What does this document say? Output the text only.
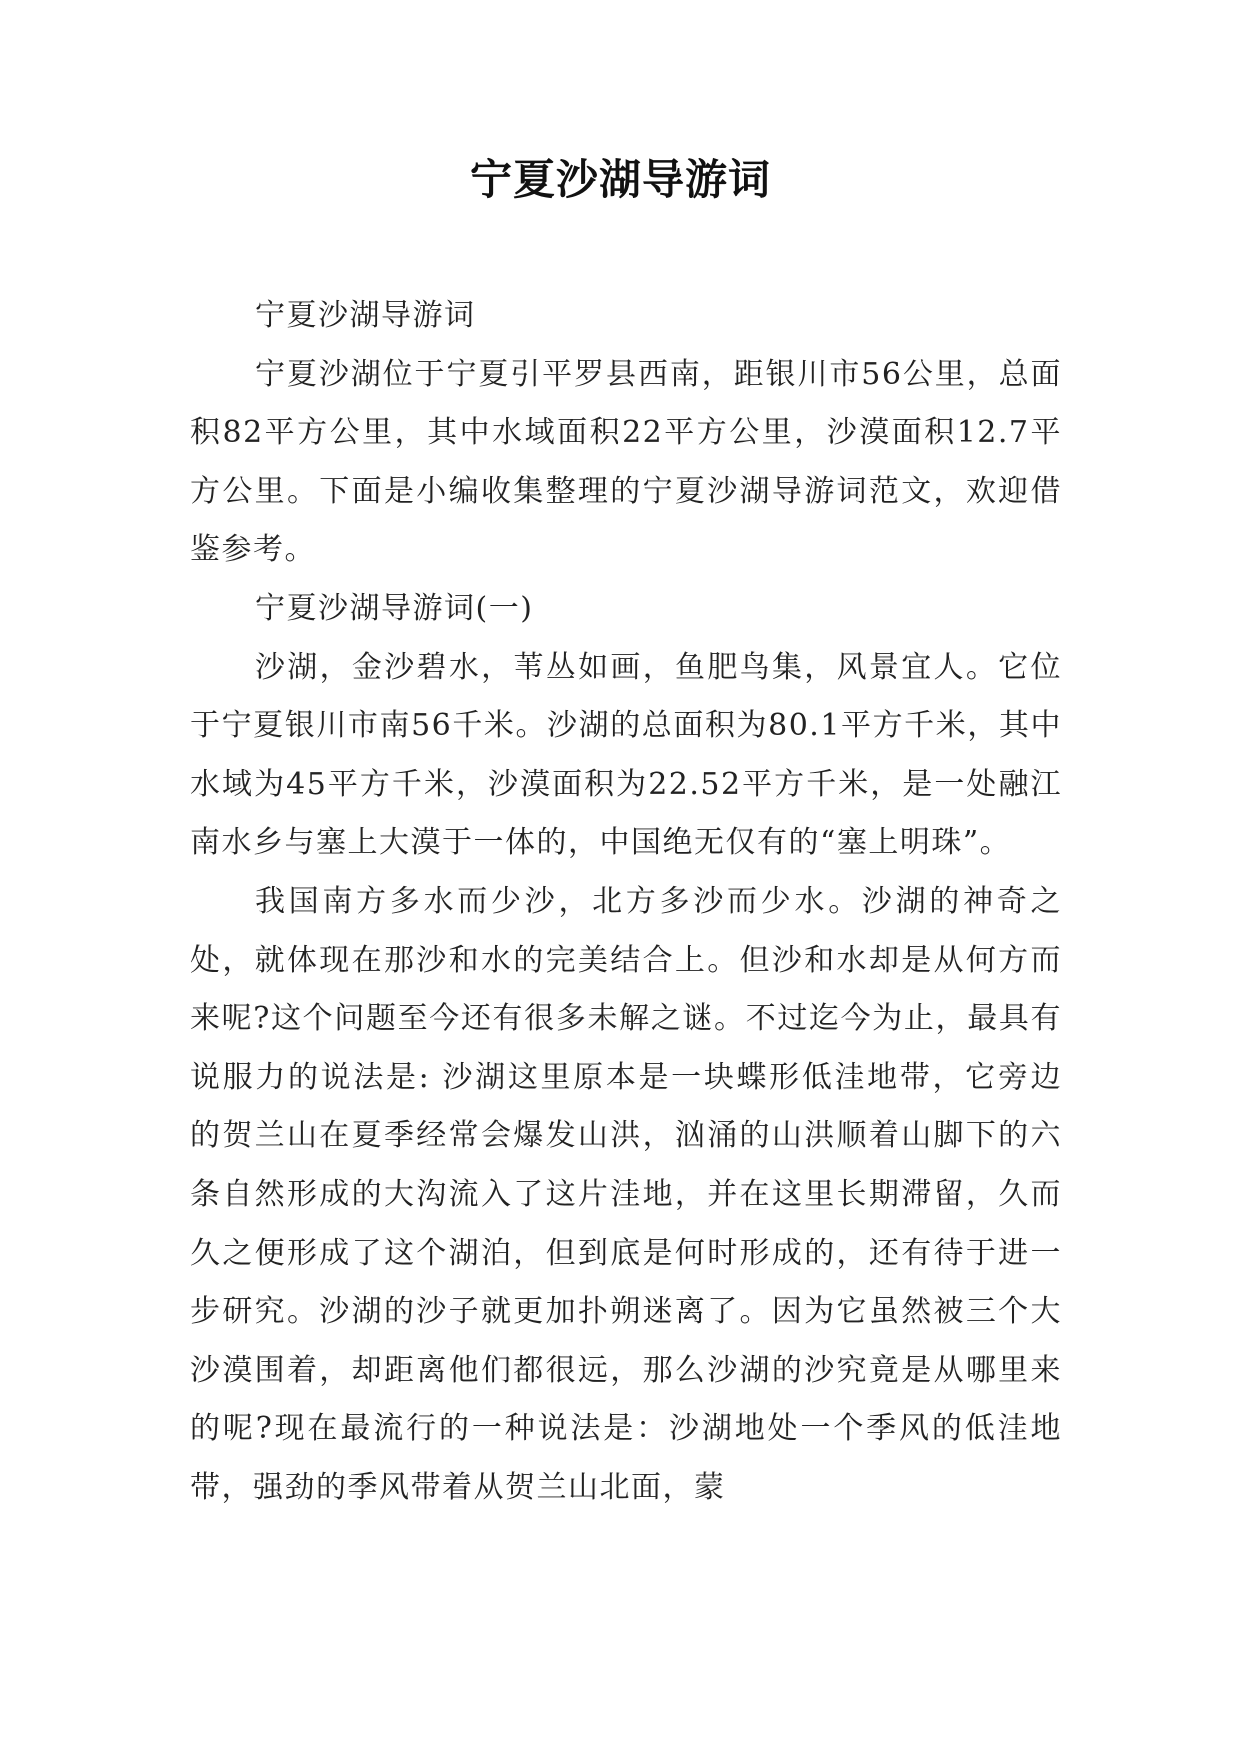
宁夏沙湖导游词

宁夏沙湖导游词

宁夏沙湖位于宁夏引平罗县西南，距银川市56公里，总面积82平方公里，其中水域面积22平方公里，沙漠面积12.7平方公里。下面是小编收集整理的宁夏沙湖导游词范文，欢迎借鉴参考。

宁夏沙湖导游词(一)

沙湖，金沙碧水，苇丛如画，鱼肥鸟集，风景宜人。它位于宁夏银川市南56千米。沙湖的总面积为80.1平方千米，其中水域为45平方千米，沙漠面积为22.52平方千米，是一处融江南水乡与塞上大漠于一体的，中国绝无仅有的“塞上明珠”。

我国南方多水而少沙，北方多沙而少水。沙湖的神奇之处，就体现在那沙和水的完美结合上。但沙和水却是从何方而来呢?这个问题至今还有很多未解之谜。不过迄今为止，最具有说服力的说法是: 沙湖这里原本是一块蝶形低洼地带，它旁边的贺兰山在夏季经常会爆发山洪，汹涌的山洪顺着山脚下的六条自然形成的大沟流入了这片洼地，并在这里长期滞留，久而久之便形成了这个湖泊，但到底是何时形成的，还有待于进一步研究。沙湖的沙子就更加扑朔迷离了。因为它虽然被三个大沙漠围着，却距离他们都很远，那么沙湖的沙究竟是从哪里来的呢?现在最流行的一种说法是：沙湖地处一个季风的低洼地带，强劲的季风带着从贺兰山北面，蒙
